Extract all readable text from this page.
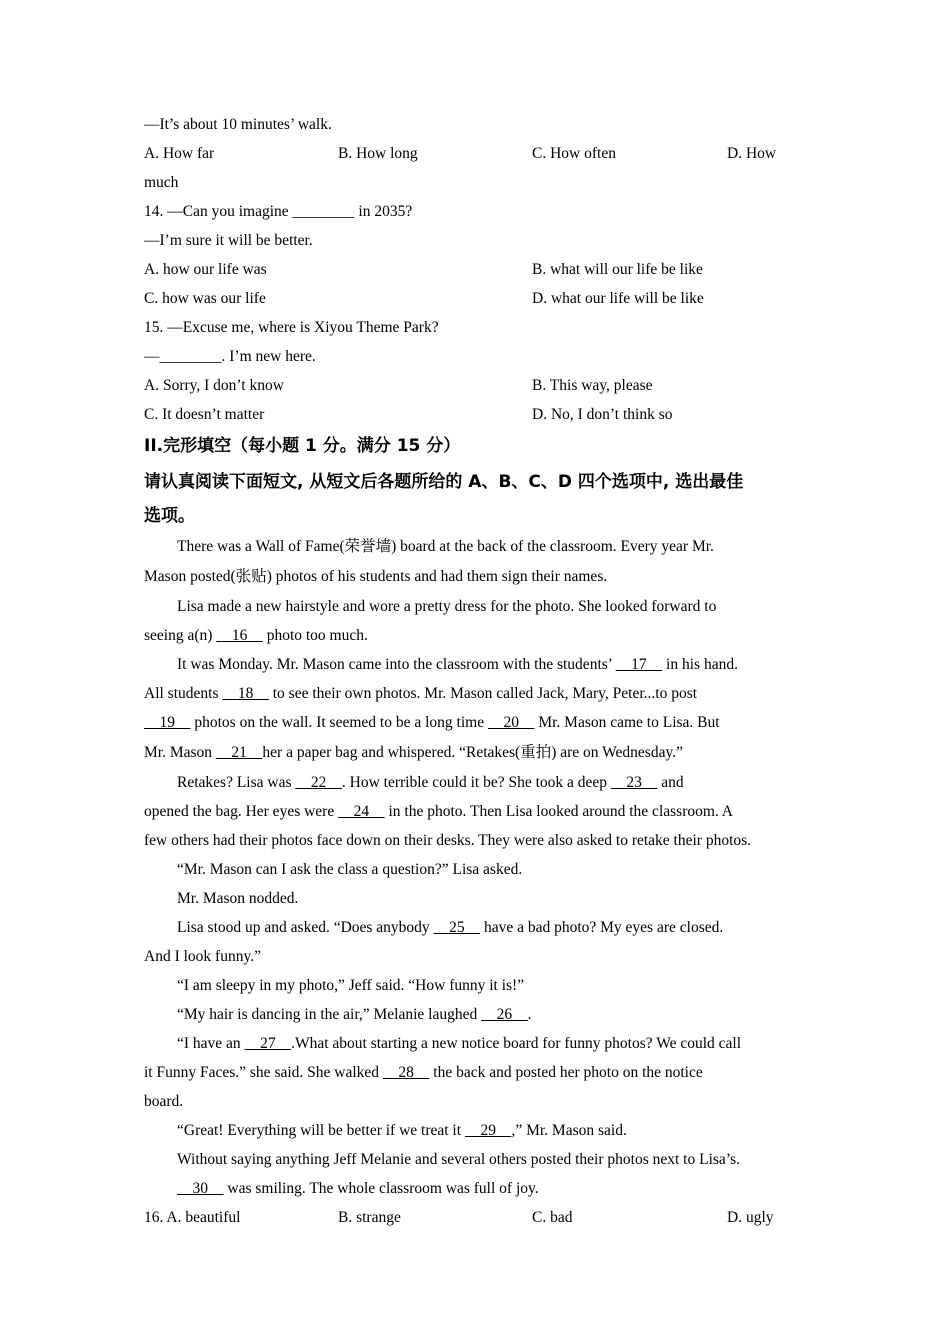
—It’s about 10 minutes’ walk.
A. How far	B. How long	C. How often	D. How
much
14. —Can you imagine ________ in 2035?
—I’m sure it will be better.
A. how our life was	B. what will our life be like
C. how was our life	D. what our life will be like
15. —Excuse me, where is Xiyou Theme Park?
—________. I’m new here.
A. Sorry, I don’t know	B. This way, please
C. It doesn’t matter	D. No, I don’t think so
II.完形填空（每小题 1 分。满分 15 分）
请认真阅读下面短文, 从短文后各题所给的 A、B、C、D 四个选项中, 选出最佳
选项。
There was a Wall of Fame(荣誉墙) board at the back of the classroom. Every year Mr.
Mason posted(张贴) photos of his students and had them sign their names.
Lisa made a new hairstyle and wore a pretty dress for the photo. She looked forward to
seeing a(n)     16     photo too much.
It was Monday. Mr. Mason came into the classroom with the students’     17     in his hand.
All students     18     to see their own photos. Mr. Mason called Jack, Mary, Peter...to post
19     photos on the wall. It seemed to be a long time     20     Mr. Mason came to Lisa. But
Mr. Mason     21    her a paper bag and whispered. “Retakes(重拍) are on Wednesday.”
Retakes? Lisa was     22    . How terrible could it be? She took a deep     23     and
opened the bag. Her eyes were     24     in the photo. Then Lisa looked around the classroom. A
few others had their photos face down on their desks. They were also asked to retake their photos.
“Mr. Mason can I ask the class a question?” Lisa asked.
Mr. Mason nodded.
Lisa stood up and asked. “Does anybody     25     have a bad photo? My eyes are closed.
And I look funny.”
“I am sleepy in my photo,” Jeff said. “How funny it is!”
“My hair is dancing in the air,” Melanie laughed     26    .
“I have an     27    .What about starting a new notice board for funny photos? We could call
it Funny Faces.” she said. She walked     28     the back and posted her photo on the notice
board.
“Great! Everything will be better if we treat it     29    ,” Mr. Mason said.
Without saying anything Jeff Melanie and several others posted their photos next to Lisa’s.
30     was smiling. The whole classroom was full of joy.
16. A. beautiful	B. strange	C. bad	D. ugly
